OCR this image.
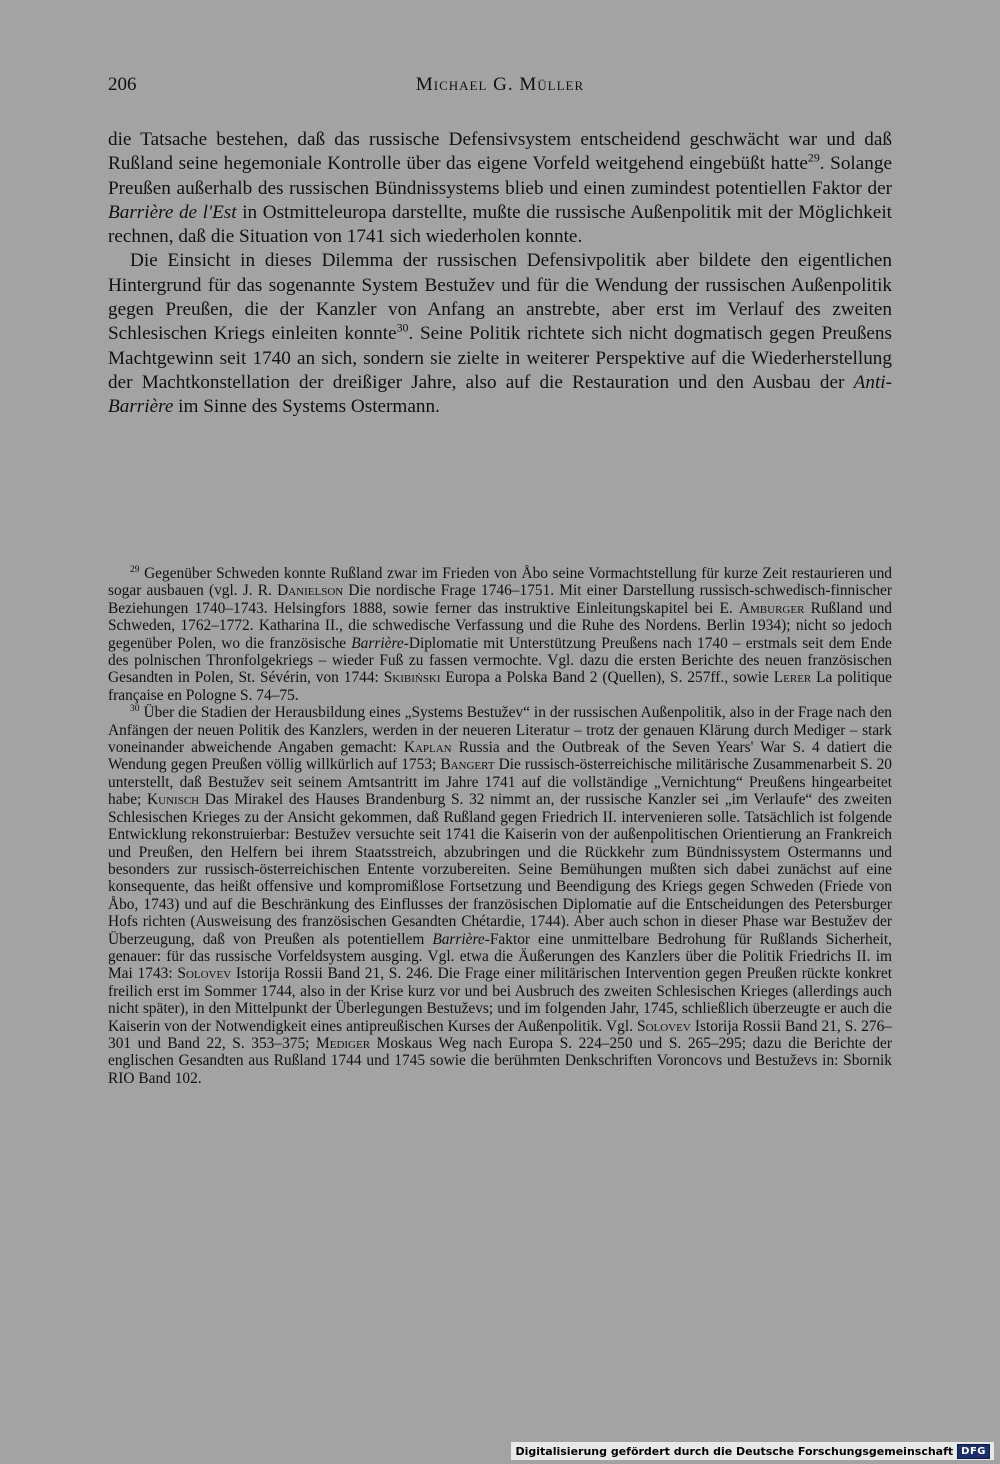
206	Michael G. Müller

die Tatsache bestehen, daß das russische Defensivsystem entscheidend geschwächt war und daß Rußland seine hegemoniale Kontrolle über das eigene Vorfeld weitgehend eingebüßt hatte$^{29}$. Solange Preußen außerhalb des russischen Bündnissystems blieb und einen zumindest potentiellen Faktor der Barrière de l'Est in Ostmitteleuropa darstellte, mußte die russische Außenpolitik mit der Möglichkeit rechnen, daß die Situation von 1741 sich wiederholen konnte.

Die Einsicht in dieses Dilemma der russischen Defensivpolitik aber bildete den eigentlichen Hintergrund für das sogenannte System Bestužev und für die Wendung der russischen Außenpolitik gegen Preußen, die der Kanzler von Anfang an anstrebte, aber erst im Verlauf des zweiten Schlesischen Kriegs einleiten konnte$^{30}$. Seine Politik richtete sich nicht dogmatisch gegen Preußens Machtgewinn seit 1740 an sich, sondern sie zielte in weiterer Perspektive auf die Wiederherstellung der Machtkonstellation der dreißiger Jahre, also auf die Restauration und den Ausbau der Anti-Barrière im Sinne des Systems Ostermann.

$^{29}$ Gegenüber Schweden konnte Rußland zwar im Frieden von Åbo seine Vormachtstellung für kurze Zeit restaurieren und sogar ausbauen (vgl. J. R. Danielson Die nordische Frage 1746–1751. Mit einer Darstellung russisch-schwedisch-finnischer Beziehungen 1740–1743. Helsingfors 1888, sowie ferner das instruktive Einleitungskapitel bei E. Amburger Rußland und Schweden, 1762–1772. Katharina II., die schwedische Verfassung und die Ruhe des Nordens. Berlin 1934); nicht so jedoch gegenüber Polen, wo die französische Barrière-Diplomatie mit Unterstützung Preußens nach 1740 – erstmals seit dem Ende des polnischen Thronfolgekriegs – wieder Fuß zu fassen vermochte. Vgl. dazu die ersten Berichte des neuen französischen Gesandten in Polen, St. Sévérin, von 1744: Skibiński Europa a Polska Band 2 (Quellen), S. 257ff., sowie Lerer La politique française en Pologne S. 74–75.

$^{30}$ Über die Stadien der Herausbildung eines „Systems Bestužev“ in der russischen Außenpolitik, also in der Frage nach den Anfängen der neuen Politik des Kanzlers, werden in der neueren Literatur – trotz der genauen Klärung durch Mediger – stark voneinander abweichende Angaben gemacht: Kaplan Russia and the Outbreak of the Seven Years' War S. 4 datiert die Wendung gegen Preußen völlig willkürlich auf 1753; Bangert Die russisch-österreichische militärische Zusammenarbeit S. 20 unterstellt, daß Bestužev seit seinem Amtsantritt im Jahre 1741 auf die vollständige „Vernichtung“ Preußens hingearbeitet habe; Kunisch Das Mirakel des Hauses Brandenburg S. 32 nimmt an, der russische Kanzler sei „im Verlaufe“ des zweiten Schlesischen Krieges zu der Ansicht gekommen, daß Rußland gegen Friedrich II. intervenieren solle. Tatsächlich ist folgende Entwicklung rekonstruierbar: Bestužev versuchte seit 1741 die Kaiserin von der außenpolitischen Orientierung an Frankreich und Preußen, den Helfern bei ihrem Staatsstreich, abzubringen und die Rückkehr zum Bündnissystem Ostermanns und besonders zur russisch-österreichischen Entente vorzubereiten. Seine Bemühungen mußten sich dabei zunächst auf eine konsequente, das heißt offensive und kompromißlose Fortsetzung und Beendigung des Kriegs gegen Schweden (Friede von Åbo, 1743) und auf die Beschränkung des Einflusses der französischen Diplomatie auf die Entscheidungen des Petersburger Hofs richten (Ausweisung des französischen Gesandten Chétardie, 1744). Aber auch schon in dieser Phase war Bestužev der Überzeugung, daß von Preußen als potentiellem Barrière-Faktor eine unmittelbare Bedrohung für Rußlands Sicherheit, genauer: für das russische Vorfeldsystem ausging. Vgl. etwa die Äußerungen des Kanzlers über die Politik Friedrichs II. im Mai 1743: Solovev Istorija Rossii Band 21, S. 246. Die Frage einer militärischen Intervention gegen Preußen rückte konkret freilich erst im Sommer 1744, also in der Krise kurz vor und bei Ausbruch des zweiten Schlesischen Krieges (allerdings auch nicht später), in den Mittelpunkt der Überlegungen Bestuževs; und im folgenden Jahr, 1745, schließlich überzeugte er auch die Kaiserin von der Notwendigkeit eines antipreußischen Kurses der Außenpolitik. Vgl. Solovev Istorija Rossii Band 21, S. 276–301 und Band 22, S. 353–375; Mediger Moskaus Weg nach Europa S. 224–250 und S. 265–295; dazu die Berichte der englischen Gesandten aus Rußland 1744 und 1745 sowie die berühmten Denkschriften Voroncovs und Bestuževs in: Sbornik RIO Band 102.

Digitalisierung gefördert durch die Deutsche Forschungsgemeinschaft DFG
